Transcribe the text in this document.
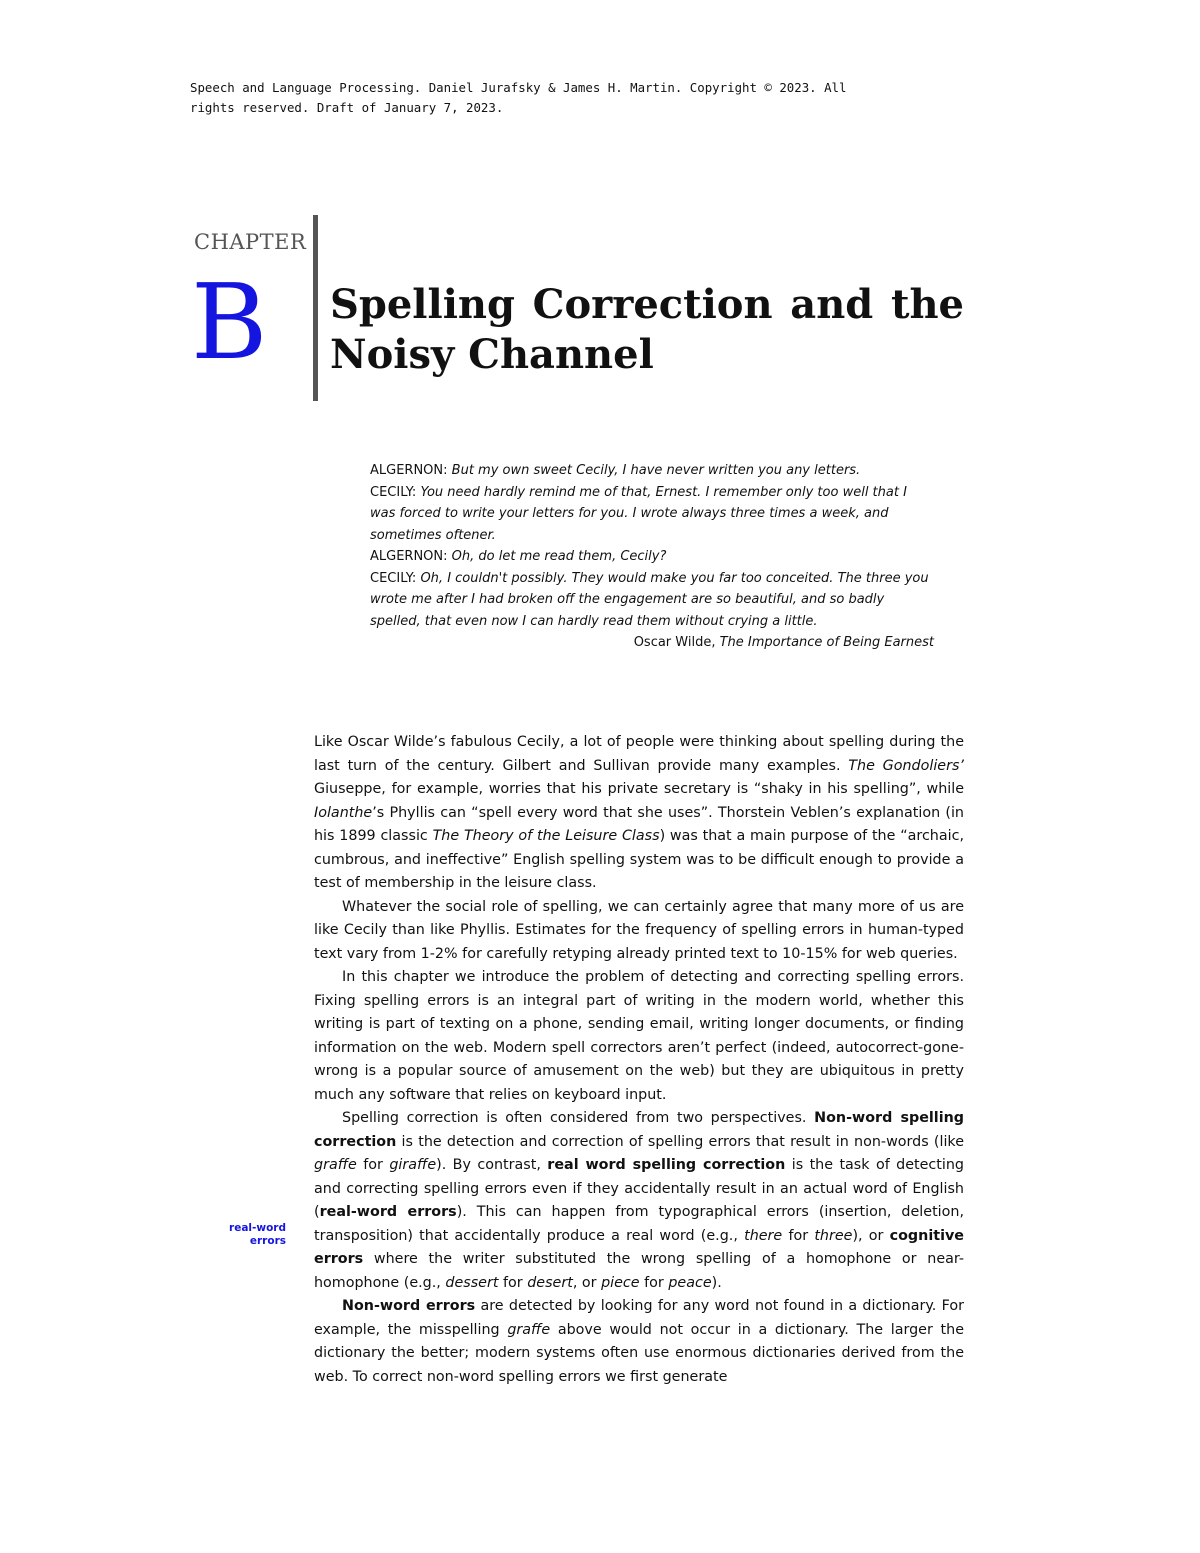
Speech and Language Processing. Daniel Jurafsky & James H. Martin. Copyright © 2023. All
rights reserved. Draft of January 7, 2023.
CHAPTER
B Spelling Correction and the Noisy Channel

ALGERNON: But my own sweet Cecily, I have never written you any letters.

CECILY: You need hardly remind me of that, Ernest. I remember only too well that I was forced to write your letters for you. I wrote always three times a week, and sometimes oftener.

ALGERNON: Oh, do let me read them, Cecily?

CECILY: Oh, I couldn't possibly. They would make you far too conceited. The three you wrote me after I had broken off the engagement are so beautiful, and so badly spelled, that even now I can hardly read them without crying a little.

Oscar Wilde, The Importance of Being Earnest

real-word
errors

Like Oscar Wilde’s fabulous Cecily, a lot of people were thinking about spelling during the last turn of the century. Gilbert and Sullivan provide many examples. The Gondoliers’ Giuseppe, for example, worries that his private secretary is “shaky in his spelling”, while Iolanthe’s Phyllis can “spell every word that she uses”. Thorstein Veblen’s explanation (in his 1899 classic The Theory of the Leisure Class) was that a main purpose of the “archaic, cumbrous, and ineffective” English spelling system was to be difficult enough to provide a test of membership in the leisure class.

Whatever the social role of spelling, we can certainly agree that many more of us are like Cecily than like Phyllis. Estimates for the frequency of spelling errors in human-typed text vary from 1-2% for carefully retyping already printed text to 10-15% for web queries.

In this chapter we introduce the problem of detecting and correcting spelling errors. Fixing spelling errors is an integral part of writing in the modern world, whether this writing is part of texting on a phone, sending email, writing longer documents, or finding information on the web. Modern spell correctors aren’t perfect (indeed, autocorrect-gone-wrong is a popular source of amusement on the web) but they are ubiquitous in pretty much any software that relies on keyboard input.

Spelling correction is often considered from two perspectives. Non-word spelling correction is the detection and correction of spelling errors that result in non-words (like graffe for giraffe). By contrast, real word spelling correction is the task of detecting and correcting spelling errors even if they accidentally result in an actual word of English (real-word errors). This can happen from typographical errors (insertion, deletion, transposition) that accidentally produce a real word (e.g., there for three), or cognitive errors where the writer substituted the wrong spelling of a homophone or near-homophone (e.g., dessert for desert, or piece for peace).

Non-word errors are detected by looking for any word not found in a dictionary. For example, the misspelling graffe above would not occur in a dictionary. The larger the dictionary the better; modern systems often use enormous dictionaries derived from the web. To correct non-word spelling errors we first generate
